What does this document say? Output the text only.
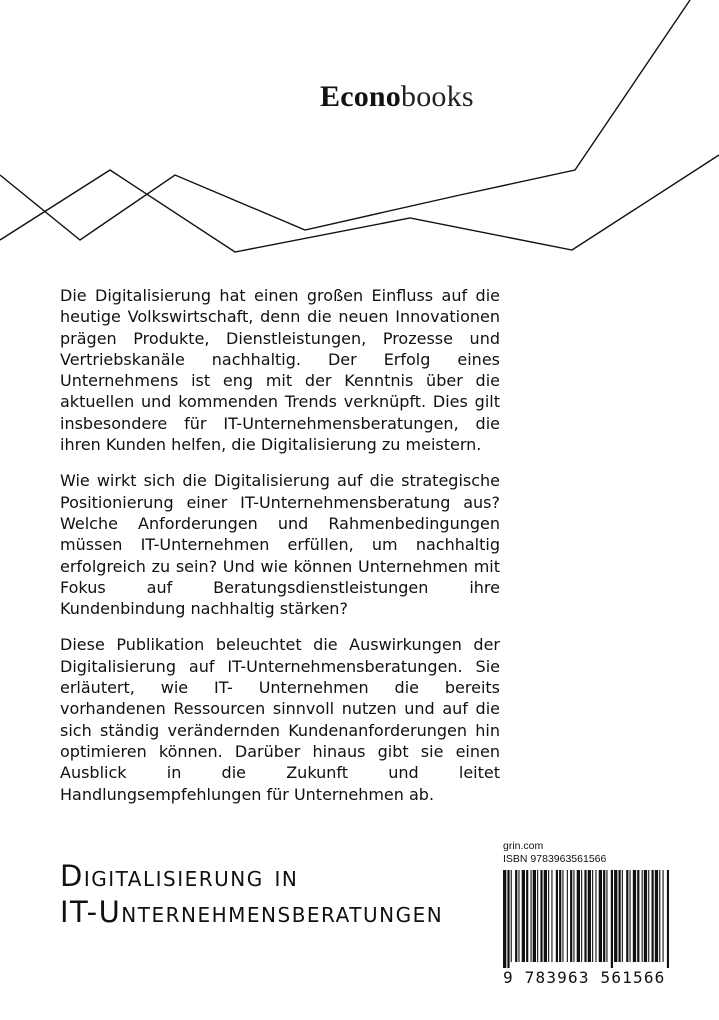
Econobooks

Die Digitalisierung hat einen großen Einfluss auf die heutige Volkswirtschaft, denn die neuen Innovationen prägen Produkte, Dienstleistungen, Prozesse und Vertriebskanäle nachhaltig. Der Erfolg eines Unternehmens ist eng mit der Kenntnis über die aktuellen und kommenden Trends verknüpft. Dies gilt insbesondere für IT-Unternehmensberatungen, die ihren Kunden helfen, die Digitalisierung zu meistern.

Wie wirkt sich die Digitalisierung auf die strategische Positionierung einer IT-Unternehmensberatung aus? Welche Anforderungen und Rahmenbedingungen müssen IT-Unternehmen erfüllen, um nachhaltig erfolgreich zu sein? Und wie können Unternehmen mit Fokus auf Beratungsdienstleistungen ihre Kundenbindung nachhaltig stärken?

Diese Publikation beleuchtet die Auswirkungen der Digitalisierung auf IT-Unternehmensberatungen. Sie erläutert, wie IT- Unternehmen die bereits vorhandenen Ressourcen sinnvoll nutzen und auf die sich ständig verändernden Kundenanforderungen hin optimieren können. Darüber hinaus gibt sie einen Ausblick in die Zukunft und leitet Handlungsempfehlungen für Unternehmen ab.

Digitalisierung in
IT-Unternehmensberatungen
grin.com
ISBN 9783963561566
9 783963 561566
